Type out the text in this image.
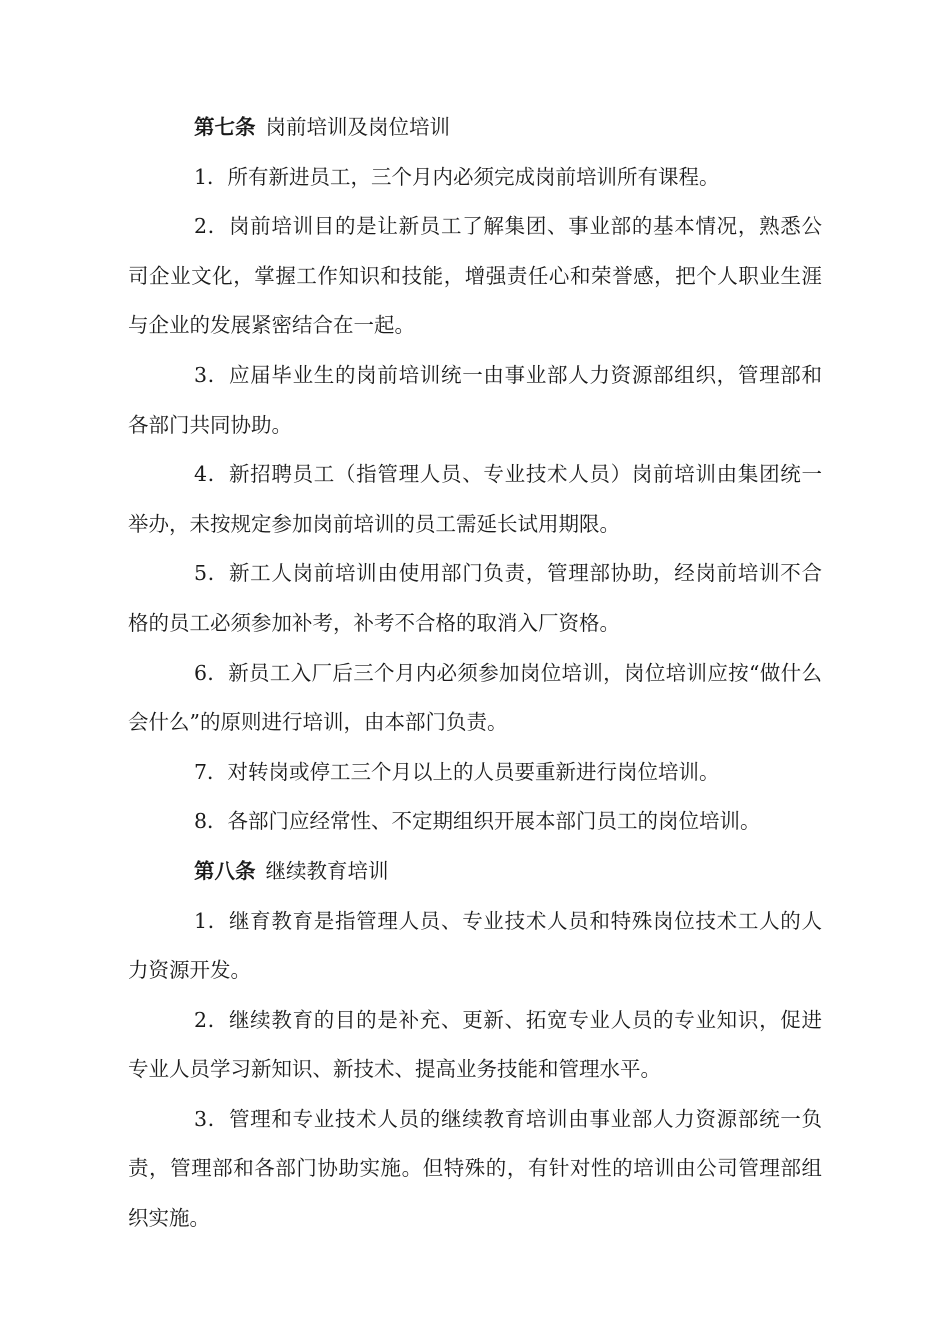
第七条 岗前培训及岗位培训

1．所有新进员工，三个月内必须完成岗前培训所有课程。

2．岗前培训目的是让新员工了解集团、事业部的基本情况，熟悉公司企业文化，掌握工作知识和技能，增强责任心和荣誉感，把个人职业生涯与企业的发展紧密结合在一起。

3．应届毕业生的岗前培训统一由事业部人力资源部组织，管理部和各部门共同协助。

4．新招聘员工（指管理人员、专业技术人员）岗前培训由集团统一举办，未按规定参加岗前培训的员工需延长试用期限。

5．新工人岗前培训由使用部门负责，管理部协助，经岗前培训不合格的员工必须参加补考，补考不合格的取消入厂资格。

6．新员工入厂后三个月内必须参加岗位培训，岗位培训应按“做什么会什么”的原则进行培训，由本部门负责。

7．对转岗或停工三个月以上的人员要重新进行岗位培训。

8．各部门应经常性、不定期组织开展本部门员工的岗位培训。

第八条 继续教育培训

1．继育教育是指管理人员、专业技术人员和特殊岗位技术工人的人力资源开发。

2．继续教育的目的是补充、更新、拓宽专业人员的专业知识，促进专业人员学习新知识、新技术、提高业务技能和管理水平。

3．管理和专业技术人员的继续教育培训由事业部人力资源部统一负责，管理部和各部门协助实施。但特殊的，有针对性的培训由公司管理部组织实施。
